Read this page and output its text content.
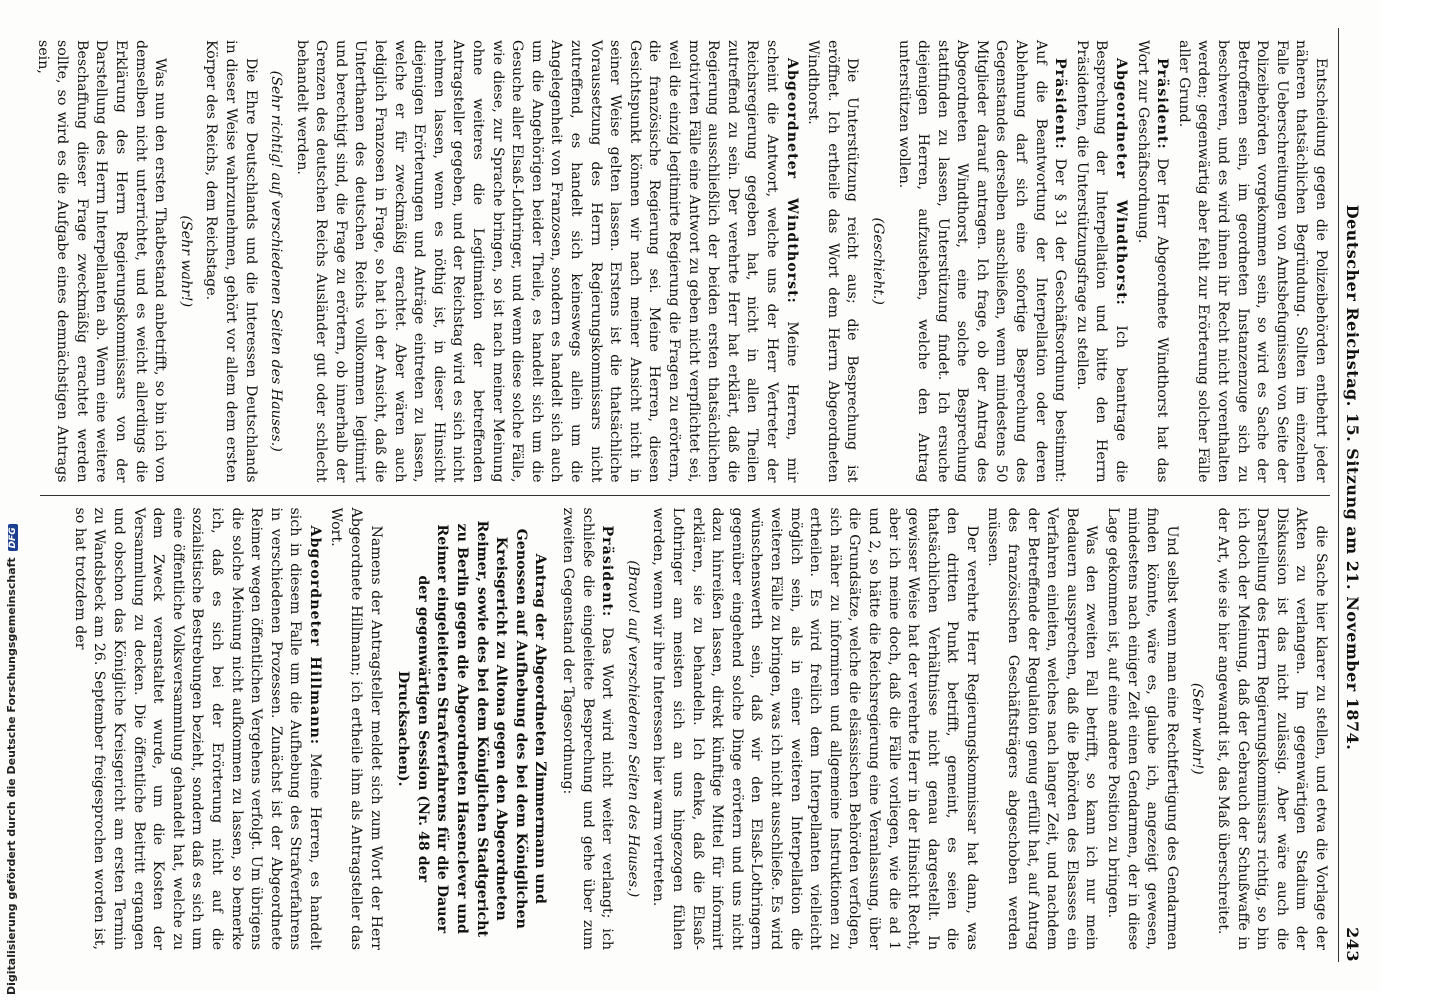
Deutscher Reichstag. 15. Sitzung am 21. November 1874.
243

Entscheidung gegen die Polizeibehörden entbehrt jeder näheren thatsächlichen Begründung. Sollten im einzelnen Falle Ueberschreitungen von Amtsbefugnissen von Seite der Polizeibehörden vorgekommen sein, so wird es Sache der Betroffenen sein, im geordneten Instanzenzuge sich zu beschweren, und es wird ihnen ihr Recht nicht vorenthalten werden; gegenwärtig aber fehlt zur Erörterung solcher Fälle aller Grund.

Präsident: Der Herr Abgeordnete Windthorst hat das Wort zur Geschäftsordnung.

Abgeordneter Windthorst: Ich beantrage die Besprechung der Interpellation und bitte den Herrn Präsidenten, die Unterstützungsfrage zu stellen.

Präsident: Der § 31 der Geschäftsordnung bestimmt: Auf die Beantwortung der Interpellation oder deren Ablehnung darf sich eine sofortige Besprechung des Gegenstandes derselben anschließen, wenn mindestens 50 Mitglieder darauf antragen. Ich frage, ob der Antrag des Abgeordneten Windthorst, eine solche Besprechung stattfinden zu lassen, Unterstützung findet. Ich ersuche diejenigen Herren, aufzustehen, welche den Antrag unterstützen wollen.

(Geschieht.)

Die Unterstützung reicht aus; die Besprechung ist eröffnet. Ich ertheile das Wort dem Herrn Abgeordneten Windthorst.

Abgeordneter Windthorst: Meine Herren, mir scheint die Antwort, welche uns der Herr Vertreter der Reichsregierung gegeben hat, nicht in allen Theilen zutreffend zu sein. Der verehrte Herr hat erklärt, daß die Regierung ausschließlich der beiden ersten thatsächlichen motivirten Fälle eine Antwort zu geben nicht verpflichtet sei, weil die einzig legitimirte Regierung die Fragen zu erörtern, die französische Regierung sei. Meine Herren, diesen Gesichtspunkt können wir nach meiner Ansicht nicht in seiner Weise gelten lassen. Erstens ist die thatsächliche Voraussetzung des Herrn Regierungskommissars nicht zutreffend, es handelt sich keineswegs allein um die Angelegenheit von Franzosen, sondern es handelt sich auch um die Angehörigen beider Theile, es handelt sich um die Gesuche aller Elsaß-Lothringer, und wenn diese solche Fälle, wie diese, zur Sprache bringen, so ist nach meiner Meinung ohne weiteres die Legitimation der betreffenden Antragsteller gegeben, und der Reichstag wird es sich nicht nehmen lassen, wenn es nöthig ist, in dieser Hinsicht diejenigen Erörterungen und Anträge eintreten zu lassen, welche er für zweckmäßig erachtet. Aber wären auch lediglich Franzosen in Frage, so hat ich der Ansicht, daß die Unterthanen des deutschen Reichs vollkommen legitimirt und berechtigt sind, die Frage zu erörtern, ob innerhalb der Grenzen des deutschen Reichs Ausländer gut oder schlecht behandelt werden.

(Sehr richtig! auf verschiedenen Seiten des Hauses.)

Die Ehre Deutschlands und die Interessen Deutschlands in dieser Weise wahrzunehmen, gehört vor allem dem ersten Körper des Reichs, dem Reichstage.

(Sehr wahr!)

Was nun den ersten Thatbestand anbetrifft, so bin ich von demselben nicht unterrichtet, und es weicht allerdings die Erklärung des Herrn Regierungskommissars von der Darstellung des Herrn Interpellanten ab. Wenn eine weitere Beschaffung dieser Frage zweckmäßig erachtet werden sollte, so wird es die Aufgabe eines demnächstigen Antrags sein,

die Sache hier klarer zu stellen, und etwa die Vorlage der Akten zu verlangen. Im gegenwärtigen Stadium der Diskussion ist das nicht zulässig. Aber wäre auch die Darstellung des Herrn Regierungskommissars richtig, so bin ich doch der Meinung, daß der Gebrauch der Schußwaffe in der Art, wie sie hier angewandt ist, das Maß überschreitet.

(Sehr wahr!)

Und selbst wenn man eine Rechtfertigung des Gendarmen finden könnte, wäre es, glaube ich, angezeigt gewesen, mindestens nach einiger Zeit einen Gendarmen, der in diese Lage gekommen ist, auf eine andere Position zu bringen.

Was den zweiten Fall betrifft, so kann ich nur mein Bedauern aussprechen, daß die Behörden des Elsasses ein Verfahren einleiten, welches nach langer Zeit, und nachdem der Betreffende der Regulation genug erfüllt hat, auf Antrag des französischen Geschäftsträgers abgeschoben werden müssen.

Der verehrte Herr Regierungskommissar hat dann, was den dritten Punkt betrifft, gemeint, es seien die thatsächlichen Verhältnisse nicht genau dargestellt. In gewisser Weise hat der verehrte Herr in der Hinsicht Recht, aber ich meine doch, daß die Fälle vorliegen, wie die ad 1 und 2, so hätte die Reichsregierung eine Veranlassung, über die Grundsätze, welche die elsässischen Behörden verfolgen, sich näher zu informiren und allgemeine Instruktionen zu ertheilen. Es wird freilich dem Interpellanten vielleicht möglich sein, als in einer weiteren Interpellation die weiteren Fälle zu bringen, was ich nicht ausschließe. Es wird wünschenswerth sein, daß wir den Elsaß-Lothringern gegenüber eingehend solche Dinge erörtern und uns nicht dazu hinreißen lassen, direkt künftige Mittel für informirt erklären, sie zu behandeln. Ich denke, daß die Elsaß-Lothringer am meisten sich an uns hingezogen fühlen werden, wenn wir ihre Interessen hier warm vertreten.

(Bravo! auf verschiedenen Seiten des Hauses.)

Präsident: Das Wort wird nicht weiter verlangt; ich schließe die eingeleitete Besprechung und gehe über zum zweiten Gegenstand der Tagesordnung:

Antrag der Abgeordneten Zimmermann und Genossen auf Aufhebung des bei dem Königlichen Kreisgericht zu Altona gegen den Abgeordneten Reimer, sowie des bei dem Königlichen Stadtgericht zu Berlin gegen die Abgeordneten Hasenclever und Reimer eingeleiteten Strafverfahrens für die Dauer der gegenwärtigen Session (Nr. 48 der Drucksachen).

Namens der Antragsteller meldet sich zum Wort der Herr Abgeordnete Hillmann; ich ertheile ihm als Antragsteller das Wort.

Abgeordneter Hillmann: Meine Herren, es handelt sich in diesem Falle um die Aufhebung des Strafverfahrens in verschiedenen Prozessen. Zunächst ist der Abgeordnete Reimer wegen öffentlichen Vergehens verfolgt. Um übrigens die solche Meinung nicht aufkommen zu lassen, so bemerke ich, daß es sich bei der Erörterung nicht auf die sozialistische Bestrebungen bezieht, sondern daß es sich um eine öffentliche Volksversammlung gehandelt hat, welche zu dem Zweck veranstaltet wurde, um die Kosten der Versammlung zu decken. Die öffentliche Beitritt ergangen und obschon das Königliche Kreisgericht am ersten Termin zu Wandsbeck am 26. September freigesprochen worden ist, so hat trotzdem der

Digitalisierung gefördert durch die Deutsche ForschungsgemeinschaftDFG
